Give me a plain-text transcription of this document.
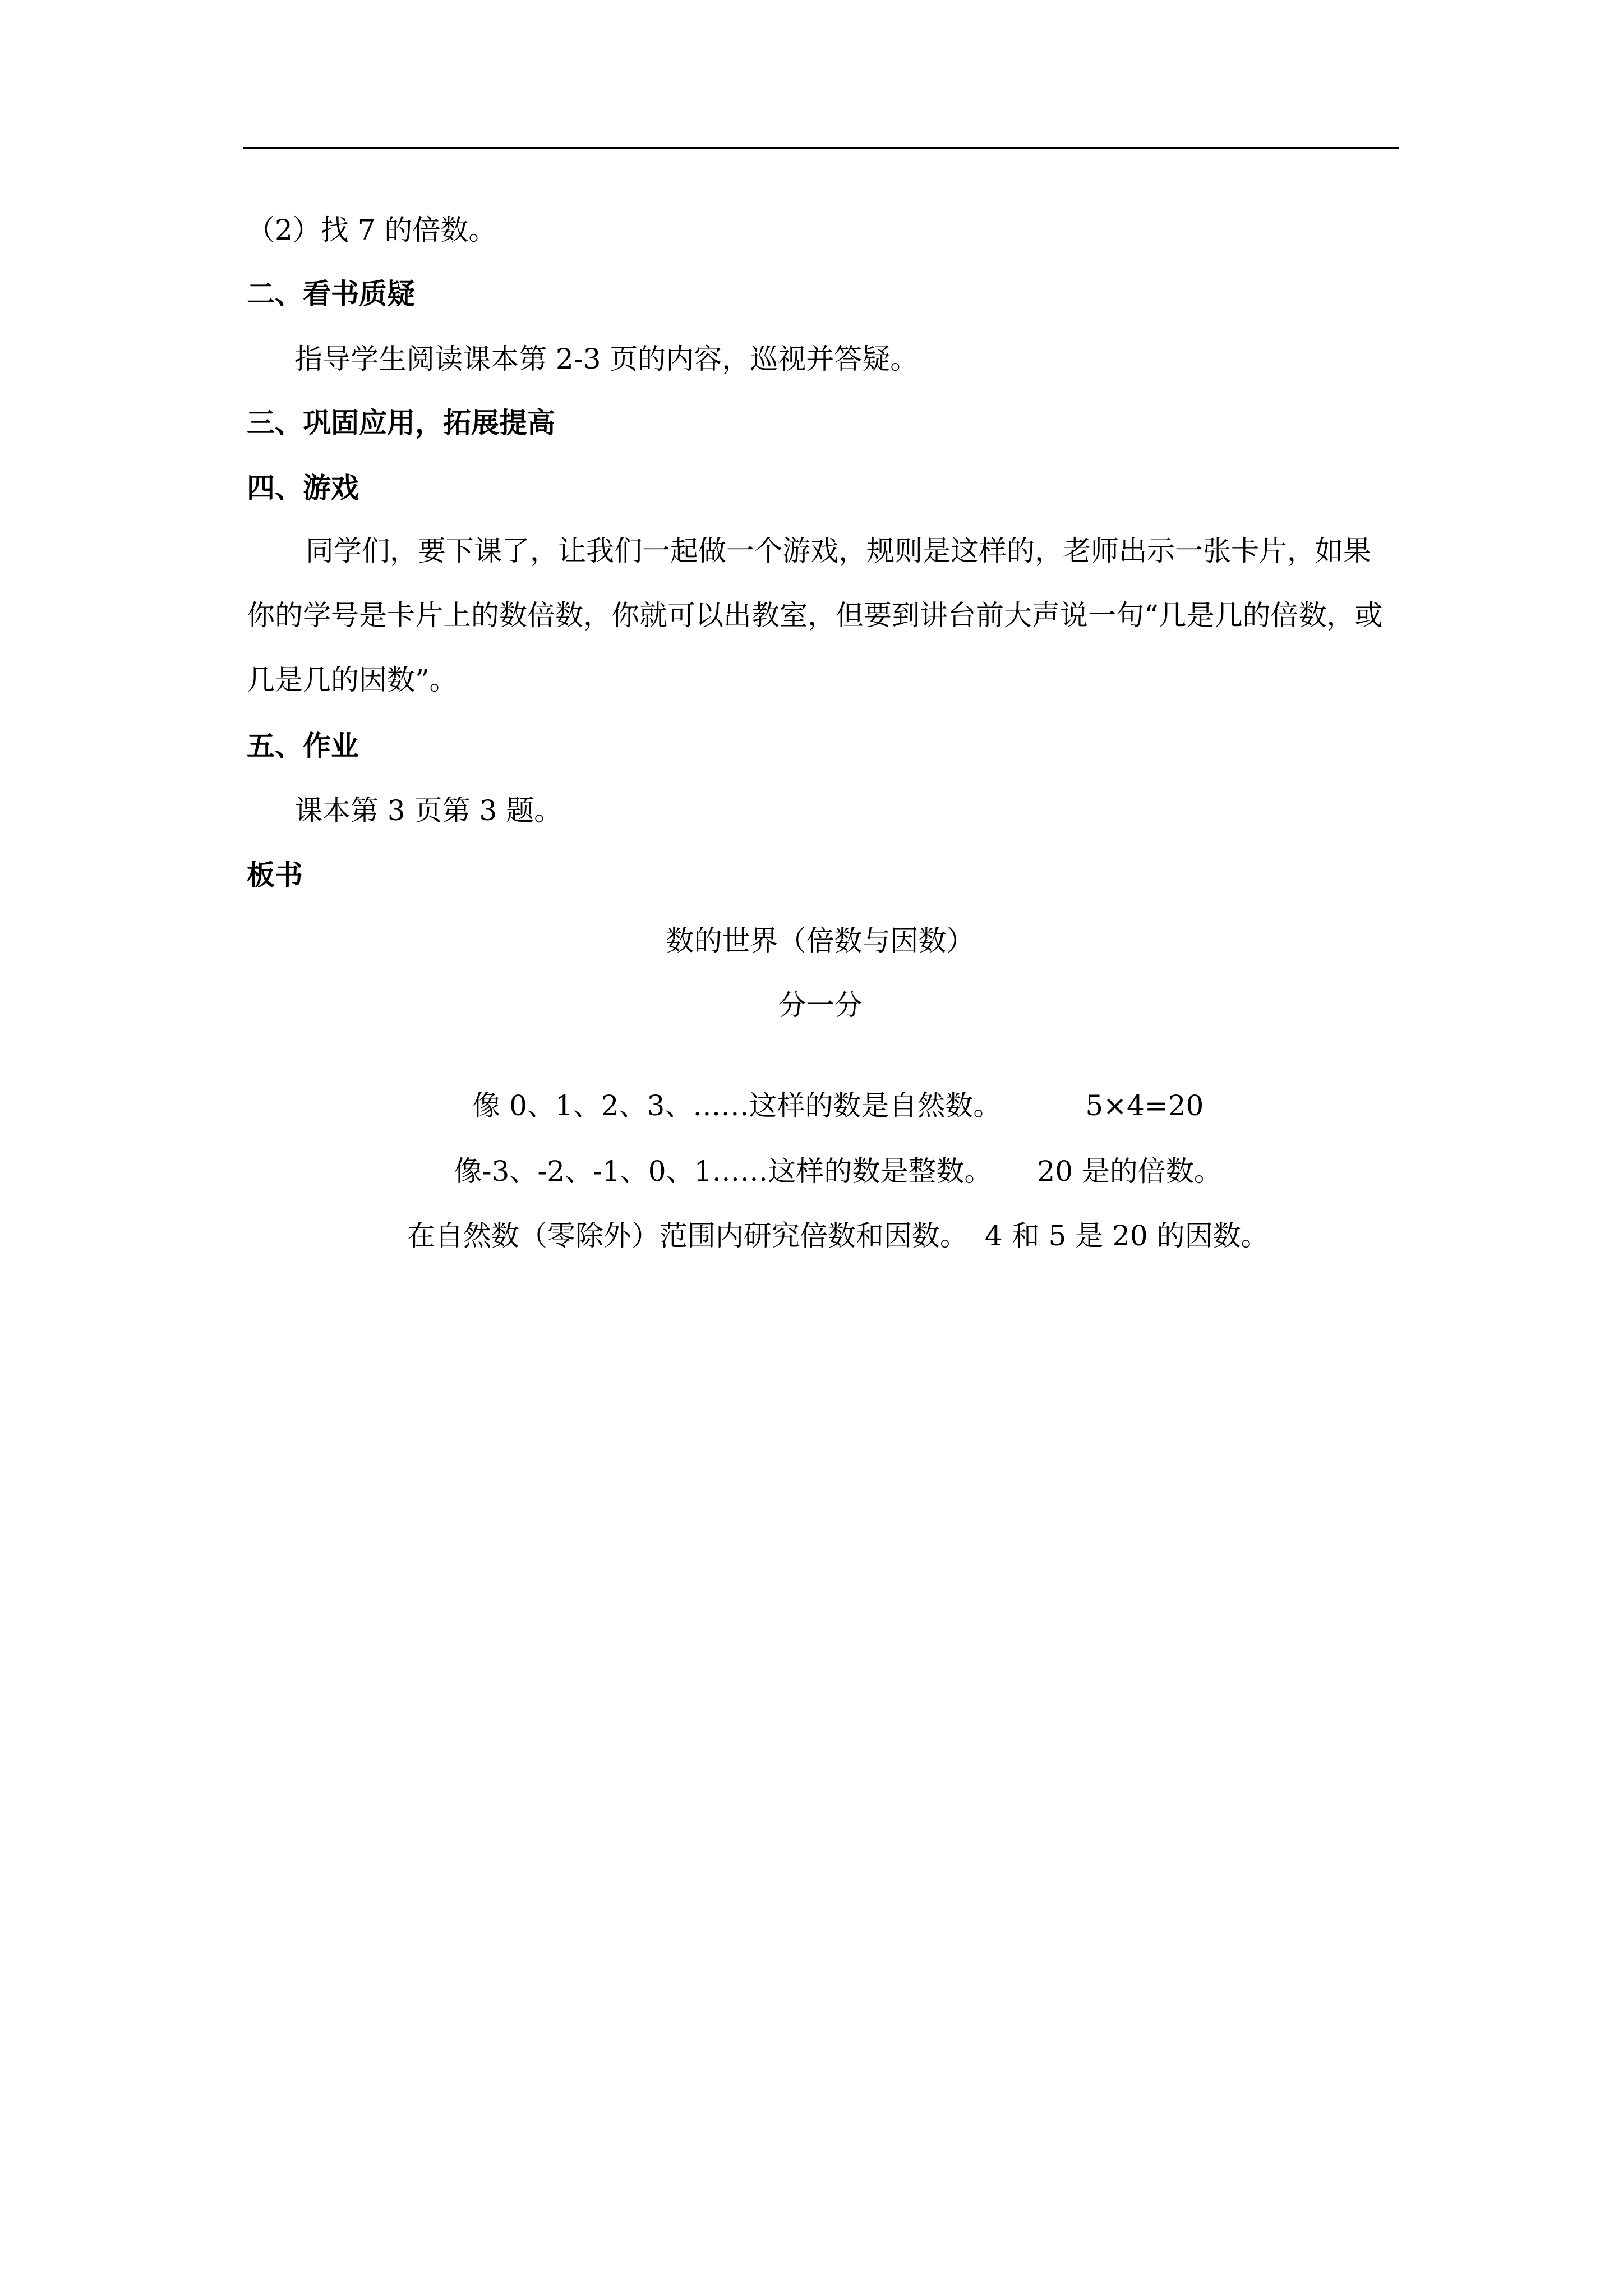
（2）找 7 的倍数。
二、看书质疑
指导学生阅读课本第 2-3 页的内容，巡视并答疑。
三、巩固应用，拓展提高
四、游戏
同学们，要下课了，让我们一起做一个游戏，规则是这样的，老师出示一张卡片，如果你的学号是卡片上的数倍数，你就可以出教室，但要到讲台前大声说一句“几是几的倍数，或几是几的因数”。
五、作业
课本第 3 页第 3 题。
板书
数的世界（倍数与因数）
分一分

像 0、1、2、3、……这样的数是自然数。	5×4=20

像-3、-2、-1、0、1……这样的数是整数。 20 是的倍数。

在自然数（零除外）范围内研究倍数和因数。 4 和 5 是 20 的因数。
